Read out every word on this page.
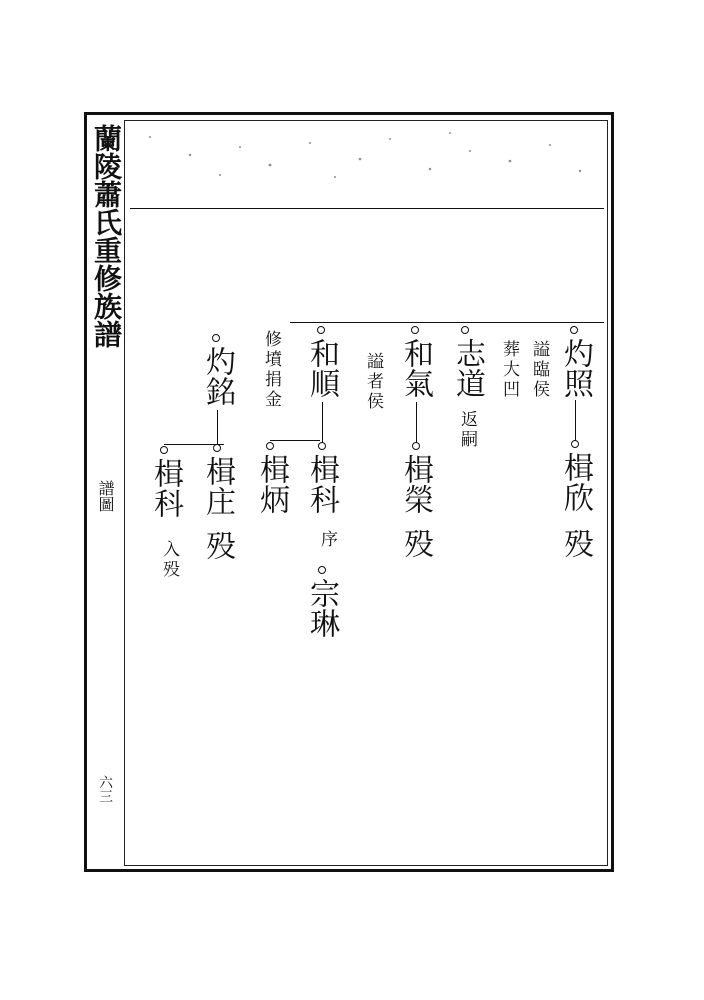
蘭陵蕭氏重修族譜
譜圖
六三
灼照
楫欣
殁
謚臨侯
葬大凹
志道
返嗣
和氣
楫榮
殁
謚者侯
和順
楫科
序
宗琳
修墳捐金
楫炳
灼銘
楫庄
殁
楫科
入殁
